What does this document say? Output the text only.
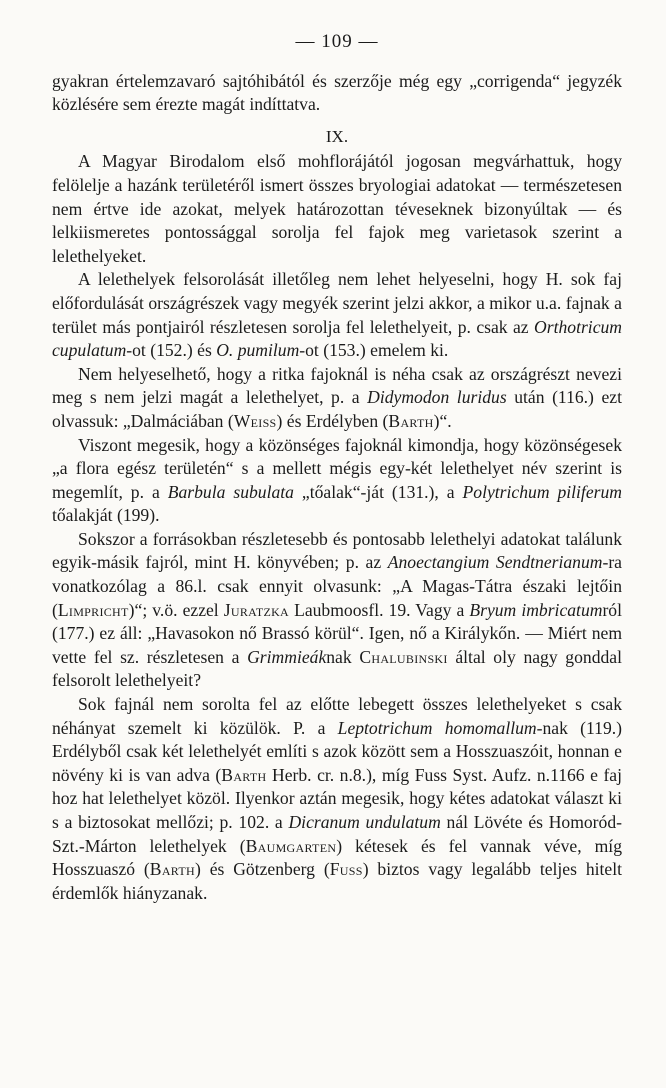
— 109 —

gyakran értelemzavaró sajtóhibától és szerzője még egy „corrigenda“ jegyzék közlésére sem érezte magát indíttatva.

IX.

A Magyar Birodalom első mohflorájától jogosan megvárhattuk, hogy felölelje a hazánk területéről ismert összes bryologiai adatokat — természetesen nem értve ide azokat, melyek határozottan téveseknek bizonyúltak — és lelkiismeretes pontossággal sorolja fel fajok meg varietasok szerint a lelethelyeket.

A lelethelyek felsorolását illetőleg nem lehet helyeselni, hogy H. sok faj előfordulását országrészek vagy megyék szerint jelzi akkor, a mikor u.a. fajnak a terület más pontjairól részletesen sorolja fel lelethelyeit, p. csak az Orthotricum cupulatum-ot (152.) és O. pumilum-ot (153.) emelem ki.

Nem helyeselhető, hogy a ritka fajoknál is néha csak az országrészt nevezi meg s nem jelzi magát a lelethelyet, p. a Didymodon luridus után (116.) ezt olvassuk: „Dalmáciában (Weiss) és Erdélyben (Barth)“.

Viszont megesik, hogy a közönséges fajoknál kimondja, hogy közönségesek „a flora egész területén“ s a mellett mégis egy-két lelethelyet név szerint is megemlít, p. a Barbula subulata „tőalak“-ját (131.), a Polytrichum piliferum tőalakját (199).

Sokszor a forrásokban részletesebb és pontosabb lelethelyi adatokat találunk egyik-másik fajról, mint H. könyvében; p. az Anoectangium Sendtnerianum-ra vonatkozólag a 86.l. csak ennyit olvasunk: „A Magas-Tátra északi lejtőin (Limpricht)“; v.ö. ezzel Juratzka Laubmoosfl. 19. Vagy a Bryum imbricatumról (177.) ez áll: „Havasokon nő Brassó körül“. Igen, nő a Királykőn. — Miért nem vette fel sz. részletesen a Grimmieáknak Chalubinski által oly nagy gonddal felsorolt lelethelyeit?

Sok fajnál nem sorolta fel az előtte lebegett összes lelethelyeket s csak néhányat szemelt ki közülök. P. a Leptotrichum homomallum-nak (119.) Erdélyből csak két lelethelyét említi s azok között sem a Hosszuaszóit, honnan e növény ki is van adva (Barth Herb. cr. n.8.), míg Fuss Syst. Aufz. n.1166 e faj hoz hat lelethelyet közöl. Ilyenkor aztán megesik, hogy kétes adatokat választ ki s a biztosokat mellőzi; p. 102. a Dicranum undulatum nál Lövéte és Homoród-Szt.-Márton lelethelyek (Baumgarten) kétesek és fel vannak véve, míg Hosszuaszó (Barth) és Götzenberg (Fuss) biztos vagy legalább teljes hitelt érdemlők hiányzanak.
